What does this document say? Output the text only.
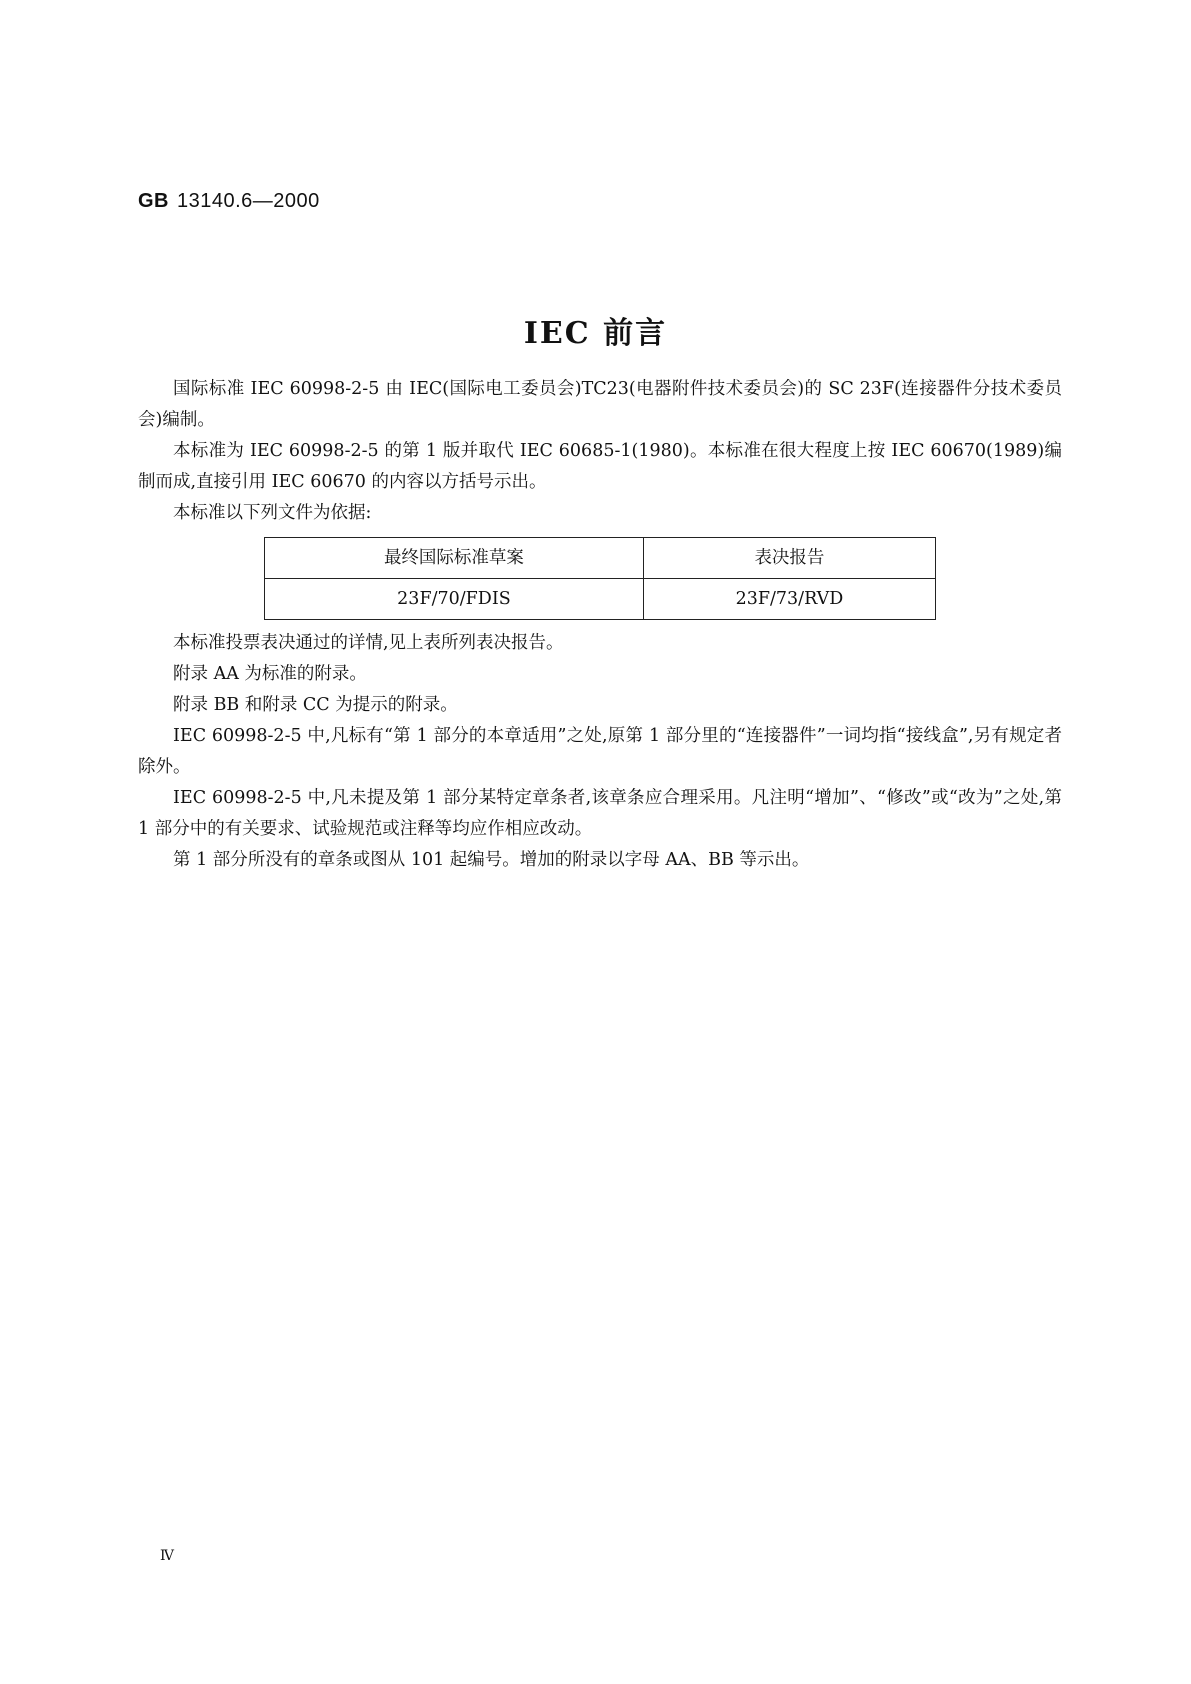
GB 13140.6—2000
IEC 前言

国际标准 IEC 60998-2-5 由 IEC(国际电工委员会)TC23(电器附件技术委员会)的 SC 23F(连接器件分技术委员会)编制。

本标准为 IEC 60998-2-5 的第 1 版并取代 IEC 60685-1(1980)。本标准在很大程度上按 IEC 60670(1989)编制而成,直接引用 IEC 60670 的内容以方括号示出。

本标准以下列文件为依据:

最终国际标准草案	表决报告
23F/70/FDIS	23F/73/RVD

本标准投票表决通过的详情,见上表所列表决报告。

附录 AA 为标准的附录。

附录 BB 和附录 CC 为提示的附录。

IEC 60998-2-5 中,凡标有“第 1 部分的本章适用”之处,原第 1 部分里的“连接器件”一词均指“接线盒”,另有规定者除外。

IEC 60998-2-5 中,凡未提及第 1 部分某特定章条者,该章条应合理采用。凡注明“增加”、“修改”或“改为”之处,第 1 部分中的有关要求、试验规范或注释等均应作相应改动。

第 1 部分所没有的章条或图从 101 起编号。增加的附录以字母 AA、BB 等示出。

Ⅳ
